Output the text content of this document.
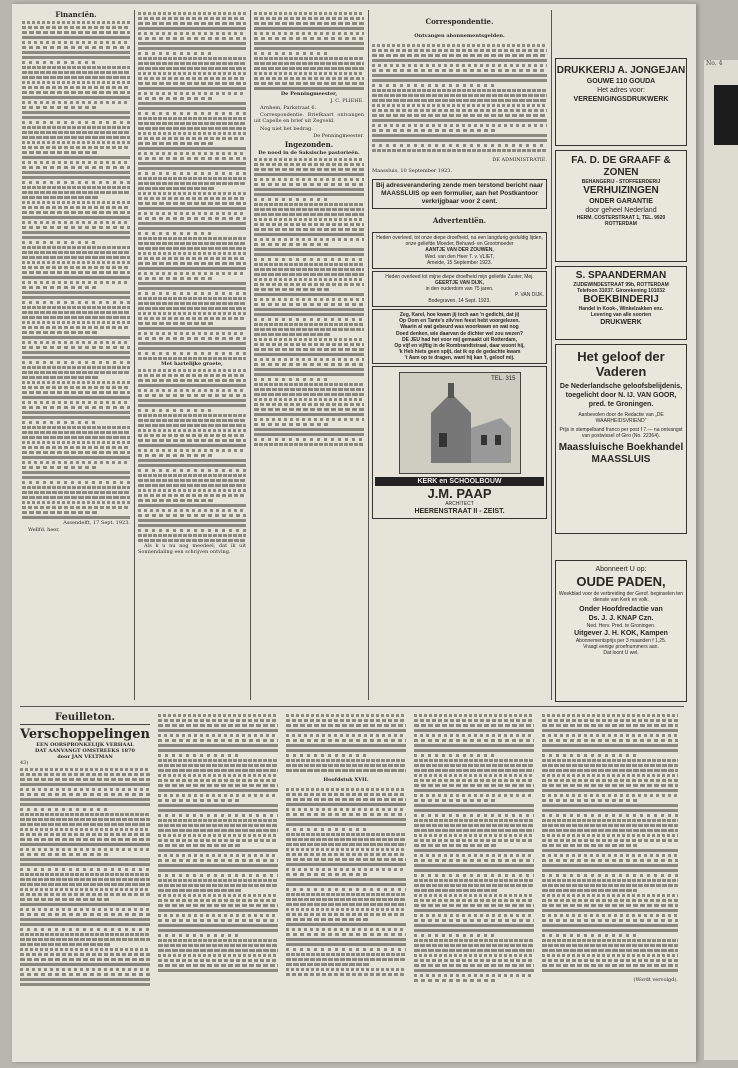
No. 4

Financiën.

Assendelft, 17 Sept. 1923.

Wellfd. heer,

Met hartelijke groete,

Als k u nu nog meedeel, dat ik uit Sonnendaling een schrijven ontving.

De Penningmeester,

J. C. PLIEHE.

Arnhem, Parkstraat 6.

Correspondentie. Briefkaart ontvangen uit Capelle en brief uit Zegveld.

Nog niet het bedrag.

De Penningmeester.

Ingezonden.

De nood in de Saksische pastorieën.

Correspondentie.

Ontvangen abonnementsgelden.

DE ADMINISTRATIE.

Maassluis, 10 September 1923.

Bij adresverandering zende men terstond bericht naar MAASSLUIS op een formulier, aan het Postkantoor verkrijgbaar voor 2 cent.

Advertentiën.

Heden overleed, tot onze diepe droefheid, na een langdurig geduldig lijden, onze geliefde Moeder, Behuwd- en Grootmoeder
AANTJE VAN DER ZOUWEN,
Wed. van den Heer T. v. VLIET,
Ameide, 15 September 1923.
Heden overleed tot mijne diepe droefheid mijn geliefde Zuster, Mej.
GEERTJE VAN DIJK,
in den ouderdom van 75 jaren.
P. VAN DIJK.
Bodegraven, 14 Sept. 1923.
Zeg, Karel, hoe kwam jij toch aan 'n gedicht, dat jij
Op Oom en Tante's zilv'ren feest hebt voorgelezen.
Waarin al wat gebeurd was woorkwam en wat nog
Doed denken, wie daarvan de dichter wel zou wezen?
DE JEU had het voor mij gemaakt uit Rotterdam,
Op vijf en vijftig in de Rombrandtstraat, daar woont hij,
'k Heb hiets geen spijt, dat ik op de gedachte kwam
't Aam op te dragen, want hij kan 't, geloof mij.
TEL. 315
KERK en SCHOOLBOUW
J.M. PAAP
ARCHITECT
HEERENSTRAAT II - ZEIST.
DRUKKERIJ A. JONGEJAN
GOUWE 110 GOUDA
Het adres voor:
VEREENIGINGSDRUKWERK
FA. D. DE GRAAFF & ZONEN
BEHANGERIJ - STOFFEERDERIJ
VERHUIZINGEN
ONDER GARANTIE
door geheel Nederland
HERM. COSTERSTRAAT 1, TEL. 9920
ROTTERDAM
S. SPAANDERMAN
ZIJDEWINDESTRAAT 99b, ROTTERDAM
Telefoon 31037. Girorekening 101032
BOEKBINDERIJ
Handel in Kook-, Winkelzakken enz.
Levering van alle soorten
DRUKWERK
Het geloof der Vaderen
De Nederlandsche geloofsbelijdenis, toegelicht door N. IJ. VAN GOOR, pred. te Groningen.
Aanbevolen door de Redactie van „DE WAARHEIDSVRIEND"
Prijs in stempelband franco per post f 7.— na ontvangst van postwissel of Giro (No. 22364).
Maassluische Boekhandel
MAASSLUIS
Abonneert U op:
OUDE PADEN,
Weekblad voor de verbreiding der Gerof. beginselen ten dienste van Kerk en volk.
Onder Hoofdredactie van
Ds. J. J. KNAP Czn.
Ned. Herv. Pred. te Groningen.
Uitgever J. H. KOK, Kampen
Abonnementsprijs per 3 maanden f 1,25.
Vraagt eenige proefnummers aan.
Dat loont U wel.
Feuilleton.
Verschoppelingen
EEN OORSPRONKELIJK VERHAAL
DAT AANVANGT OMSTREEKS 1870
door JAN VELTMAN
43)

Hoofdstuk XVII.

(Wordt vervolgd).
